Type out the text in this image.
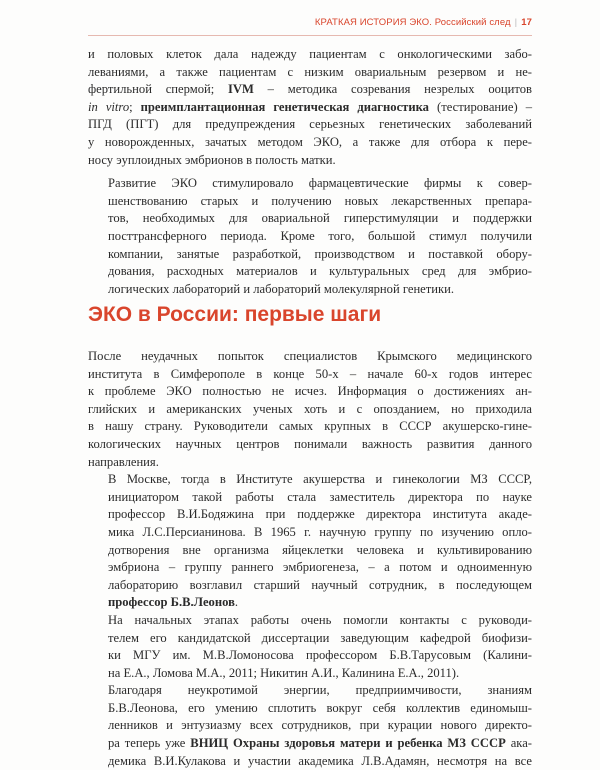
КРАТКАЯ ИСТОРИЯ ЭКО. Российский след | 17

и половых клеток дала надежду пациентам с онкологическими забо-
леваниями, а также пациентам с низким овариальным резервом и не-
фертильной спермой; IVM – методика созревания незрелых ооцитов
in vitro; преимплантационная генетическая диагностика (тестирование) –
ПГД (ПГТ) для предупреждения серьезных генетических заболеваний
у новорожденных, зачатых методом ЭКО, а также для отбора к пере-
носу эуплоидных эмбрионов в полость матки.

Развитие ЭКО стимулировало фармацевтические фирмы к совер-
шенствованию старых и получению новых лекарственных препара-
тов, необходимых для овариальной гиперстимуляции и поддержки
посттрансферного периода. Кроме того, большой стимул получили
компании, занятые разработкой, производством и поставкой обору-
дования, расходных материалов и культуральных сред для эмбрио-
логических лабораторий и лабораторий молекулярной генетики.

ЭКО в России: первые шаги

После неудачных попыток специалистов Крымского медицинского
института в Симферополе в конце 50-х – начале 60-х годов интерес
к проблеме ЭКО полностью не исчез. Информация о достижениях ан-
глийских и американских ученых хоть и с опозданием, но приходила
в нашу страну. Руководители самых крупных в СССР акушерско-гине-
кологических научных центров понимали важность развития данного
направления.

В Москве, тогда в Институте акушерства и гинекологии МЗ СССР,
инициатором такой работы стала заместитель директора по науке
профессор В.И.Бодяжина при поддержке директора института акаде-
мика Л.С.Персианинова. В 1965 г. научную группу по изучению опло-
дотворения вне организма яйцеклетки человека и культивированию
эмбриона – группу раннего эмбриогенеза, – а потом и одноименную
лабораторию возглавил старший научный сотрудник, в последующем
профессор Б.В.Леонов.

На начальных этапах работы очень помогли контакты с руководи-
телем его кандидатской диссертации заведующим кафедрой биофизи-
ки МГУ им. М.В.Ломоносова профессором Б.В.Тарусовым (Калини-
на Е.А., Ломова М.А., 2011; Никитин А.И., Калинина Е.А., 2011).

Благодаря неукротимой энергии, предприимчивости, знаниям
Б.В.Леонова, его умению сплотить вокруг себя коллектив единомыш-
ленников и энтузиазму всех сотрудников, при курации нового директо-
ра теперь уже ВНИЦ Охраны здоровья матери и ребенка МЗ СССР ака-
демика В.И.Кулакова и участии академика Л.В.Адамян, несмотря на все
